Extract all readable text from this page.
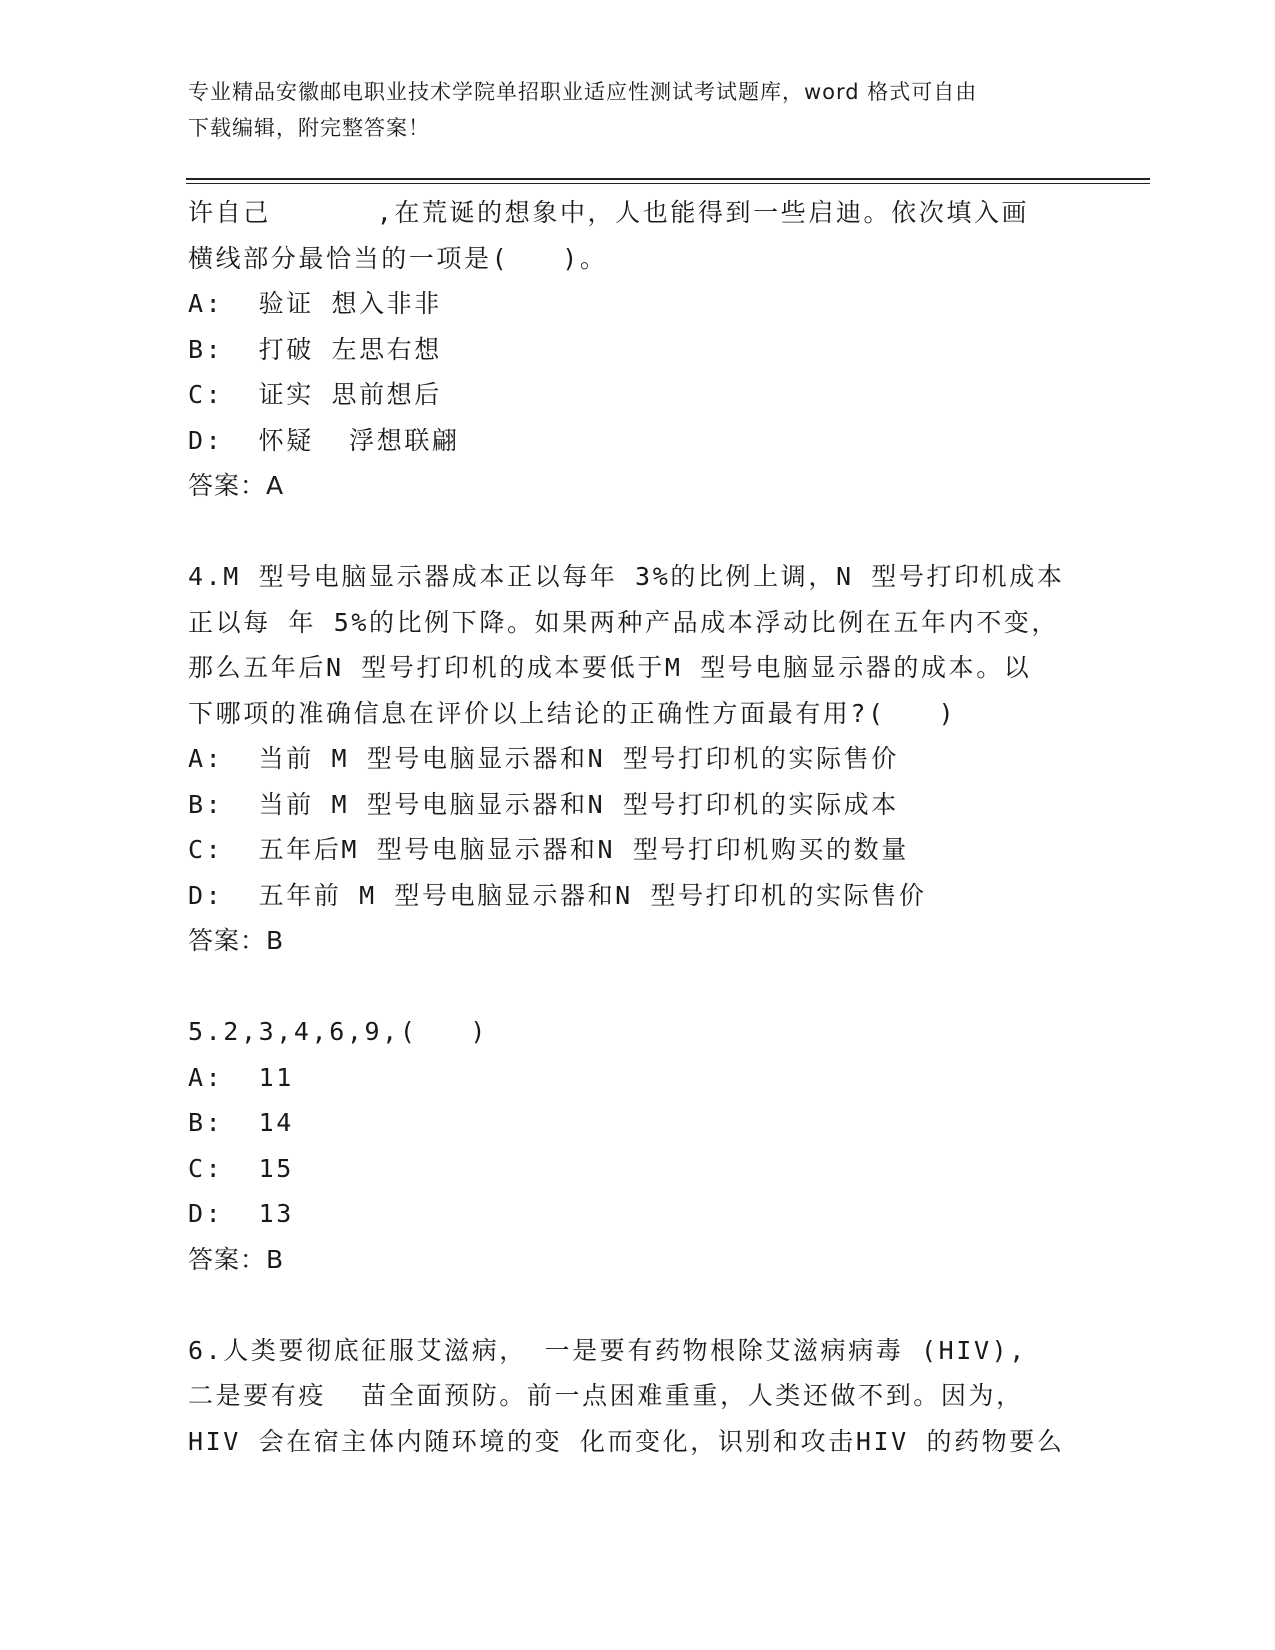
专业精品安徽邮电职业技术学院单招职业适应性测试考试题库，word 格式可自由
下载编辑，附完整答案！
许自己      ,在荒诞的想象中，人也能得到一些启迪。依次填入画
横线部分最恰当的一项是(   )。
A: 验证 想入非非
B: 打破 左思右想
C: 证实 思前想后
D: 怀疑  浮想联翩
答案：A
4.M 型号电脑显示器成本正以每年 3%的比例上调，N 型号打印机成本
正以每 年 5%的比例下降。如果两种产品成本浮动比例在五年内不变，
那么五年后N 型号打印机的成本要低于M 型号电脑显示器的成本。以
下哪项的准确信息在评价以上结论的正确性方面最有用?(   )
A: 当前 M 型号电脑显示器和N 型号打印机的实际售价
B: 当前 M 型号电脑显示器和N 型号打印机的实际成本
C: 五年后M 型号电脑显示器和N 型号打印机购买的数量
D: 五年前 M 型号电脑显示器和N 型号打印机的实际售价
答案：B
5.2,3,4,6,9,(   )
A: 11
B: 14
C: 15
D: 13
答案：B
6.人类要彻底征服艾滋病， 一是要有药物根除艾滋病病毒 (HIV),
二是要有疫  苗全面预防。前一点困难重重，人类还做不到。因为，
HIV 会在宿主体内随环境的变 化而变化，识别和攻击HIV 的药物要么
